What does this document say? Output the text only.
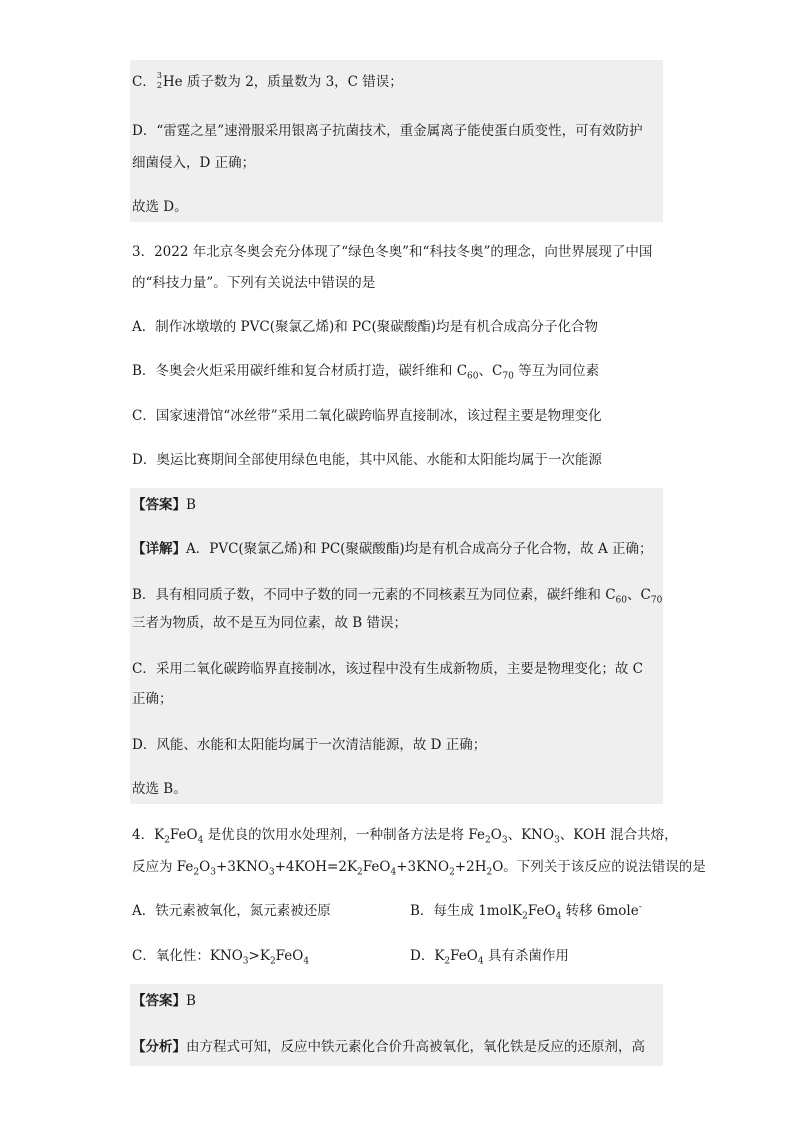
C． 3
2 He 质子数为 2，质量数为 3，C 错误；
D．“雷霆之星”速滑服采用银离子抗菌技术，重金属离子能使蛋白质变性，可有效防护
细菌侵入，D 正确；
故选 D。
3．2022 年北京冬奥会充分体现了“绿色冬奥”和“科技冬奥”的理念，向世界展现了中国
的“科技力量”。下列有关说法中错误的是
A．制作冰墩墩的 PVC(聚氯乙烯)和 PC(聚碳酸酯)均是有机合成高分子化合物
B．冬奥会火炬采用碳纤维和复合材质打造，碳纤维和 $C_{60}$、$C_{70}$ 等互为同位素
C．国家速滑馆“冰丝带”采用二氧化碳跨临界直接制冰，该过程主要是物理变化
D．奥运比赛期间全部使用绿色电能，其中风能、水能和太阳能均属于一次能源
【答案】B
【详解】A．PVC(聚氯乙烯)和 PC(聚碳酸酯)均是有机合成高分子化合物，故 A 正确；
B．具有相同质子数，不同中子数的同一元素的不同核素互为同位素，碳纤维和 $C_{60}$、$C_{70}$
三者为物质，故不是互为同位素，故 B 错误；
C．采用二氧化碳跨临界直接制冰，该过程中没有生成新物质，主要是物理变化；故 C
正确；
D．风能、水能和太阳能均属于一次清洁能源，故 D 正确；
故选 B。
4．$K_2FeO_4$ 是优良的饮用水处理剂，一种制备方法是将 $Fe_2O_3$、$KNO_3$、KOH 混合共熔，
反应为 $Fe_2O_3+3KNO_3+4KOH=2K_2FeO_4+3KNO_2+2H_2O$。下列关于该反应的说法错误的是
A．铁元素被氧化，氮元素被还原	B．每生成 1molK$_2$FeO$_4$ 转移 6mole-
C．氧化性：$KNO_3>K_2FeO_4$	D．$K_2FeO_4$ 具有杀菌作用
【答案】B
【分析】由方程式可知，反应中铁元素化合价升高被氧化，氧化铁是反应的还原剂，高
